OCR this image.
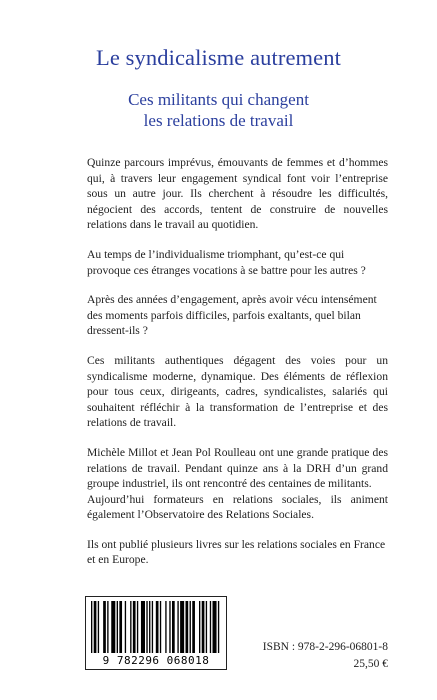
Le syndicalisme autrement
Ces militants qui changent
les relations de travail

Quinze parcours imprévus, émouvants de femmes et d’hommes qui, à travers leur engagement syndical font voir l’entreprise sous un autre jour. Ils cherchent à résoudre les difficultés, négocient des accords, tentent de construire de nouvelles relations dans le travail au quotidien.

Au temps de l’individualisme triomphant, qu’est-ce qui provoque ces étranges vocations à se battre pour les autres ?

Après des années d’engagement, après avoir vécu intensément des moments parfois difficiles, parfois exaltants, quel bilan dressent-ils ?

Ces militants authentiques dégagent des voies pour un syndicalisme moderne, dynamique. Des éléments de réflexion pour tous ceux, dirigeants, cadres, syndicalistes, salariés qui souhaitent réfléchir à la transformation de l’entreprise et des relations de travail.

Michèle Millot et Jean Pol Roulleau ont une grande pratique des relations de travail. Pendant quinze ans à la DRH d’un grand groupe industriel, ils ont rencontré des centaines de militants.

Aujourd’hui formateurs en relations sociales, ils animent également l’Observatoire des Relations Sociales.

Ils ont publié plusieurs livres sur les relations sociales en France et en Europe.

9 782296 068018
ISBN : 978-2-296-06801-8
25,50 €
